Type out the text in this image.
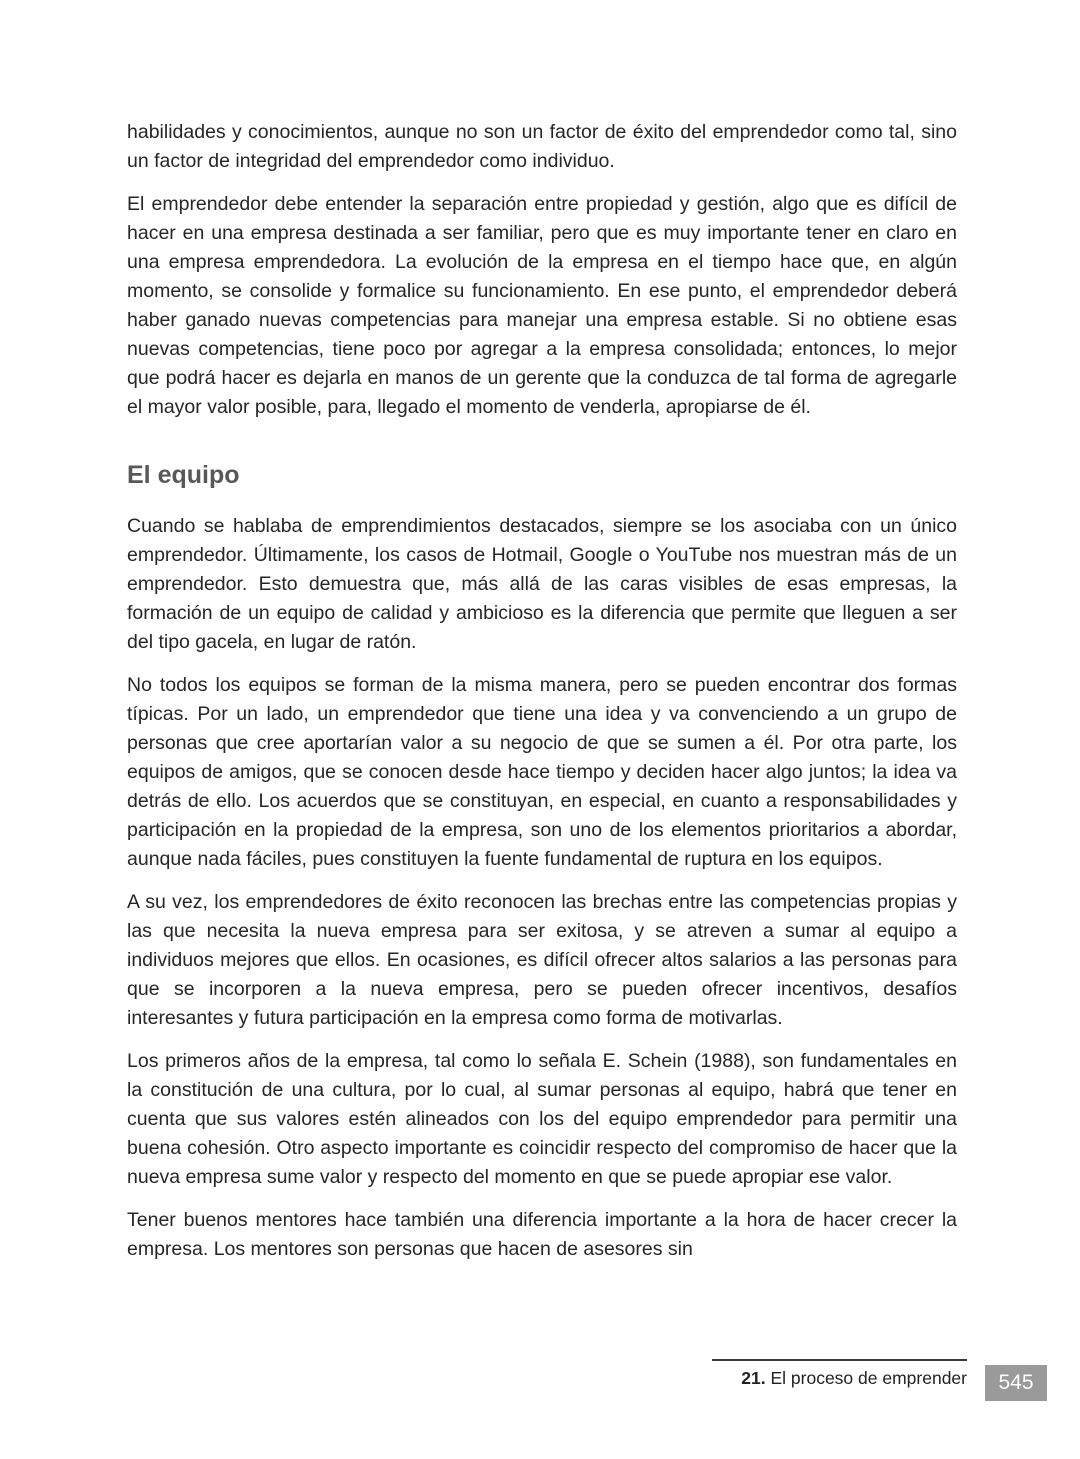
habilidades y conocimientos, aunque no son un factor de éxito del emprendedor como tal, sino un factor de integridad del emprendedor como individuo.

El emprendedor debe entender la separación entre propiedad y gestión, algo que es difícil de hacer en una empresa destinada a ser familiar, pero que es muy importante tener en claro en una empresa emprendedora. La evolución de la empresa en el tiempo hace que, en algún momento, se consolide y formalice su funcionamiento. En ese punto, el emprendedor deberá haber ganado nuevas competencias para manejar una empresa estable. Si no obtiene esas nuevas competencias, tiene poco por agregar a la empresa consolidada; entonces, lo mejor que podrá hacer es dejarla en manos de un gerente que la conduzca de tal forma de agregarle el mayor valor posible, para, llegado el momento de venderla, apropiarse de él.

El equipo

Cuando se hablaba de emprendimientos destacados, siempre se los asociaba con un único emprendedor. Últimamente, los casos de Hotmail, Google o YouTube nos muestran más de un emprendedor. Esto demuestra que, más allá de las caras visibles de esas empresas, la formación de un equipo de calidad y ambicioso es la diferencia que permite que lleguen a ser del tipo gacela, en lugar de ratón.

No todos los equipos se forman de la misma manera, pero se pueden encontrar dos formas típicas. Por un lado, un emprendedor que tiene una idea y va convenciendo a un grupo de personas que cree aportarían valor a su negocio de que se sumen a él. Por otra parte, los equipos de amigos, que se conocen desde hace tiempo y deciden hacer algo juntos; la idea va detrás de ello. Los acuerdos que se constituyan, en especial, en cuanto a responsabilidades y participación en la propiedad de la empresa, son uno de los elementos prioritarios a abordar, aunque nada fáciles, pues constituyen la fuente fundamental de ruptura en los equipos.

A su vez, los emprendedores de éxito reconocen las brechas entre las competencias propias y las que necesita la nueva empresa para ser exitosa, y se atreven a sumar al equipo a individuos mejores que ellos. En ocasiones, es difícil ofrecer altos salarios a las personas para que se incorporen a la nueva empresa, pero se pueden ofrecer incentivos, desafíos interesantes y futura participación en la empresa como forma de motivarlas.

Los primeros años de la empresa, tal como lo señala E. Schein (1988), son fundamentales en la constitución de una cultura, por lo cual, al sumar personas al equipo, habrá que tener en cuenta que sus valores estén alineados con los del equipo emprendedor para permitir una buena cohesión. Otro aspecto importante es coincidir respecto del compromiso de hacer que la nueva empresa sume valor y respecto del momento en que se puede apropiar ese valor.

Tener buenos mentores hace también una diferencia importante a la hora de hacer crecer la empresa. Los mentores son personas que hacen de asesores sin

21. El proceso de emprender 545
